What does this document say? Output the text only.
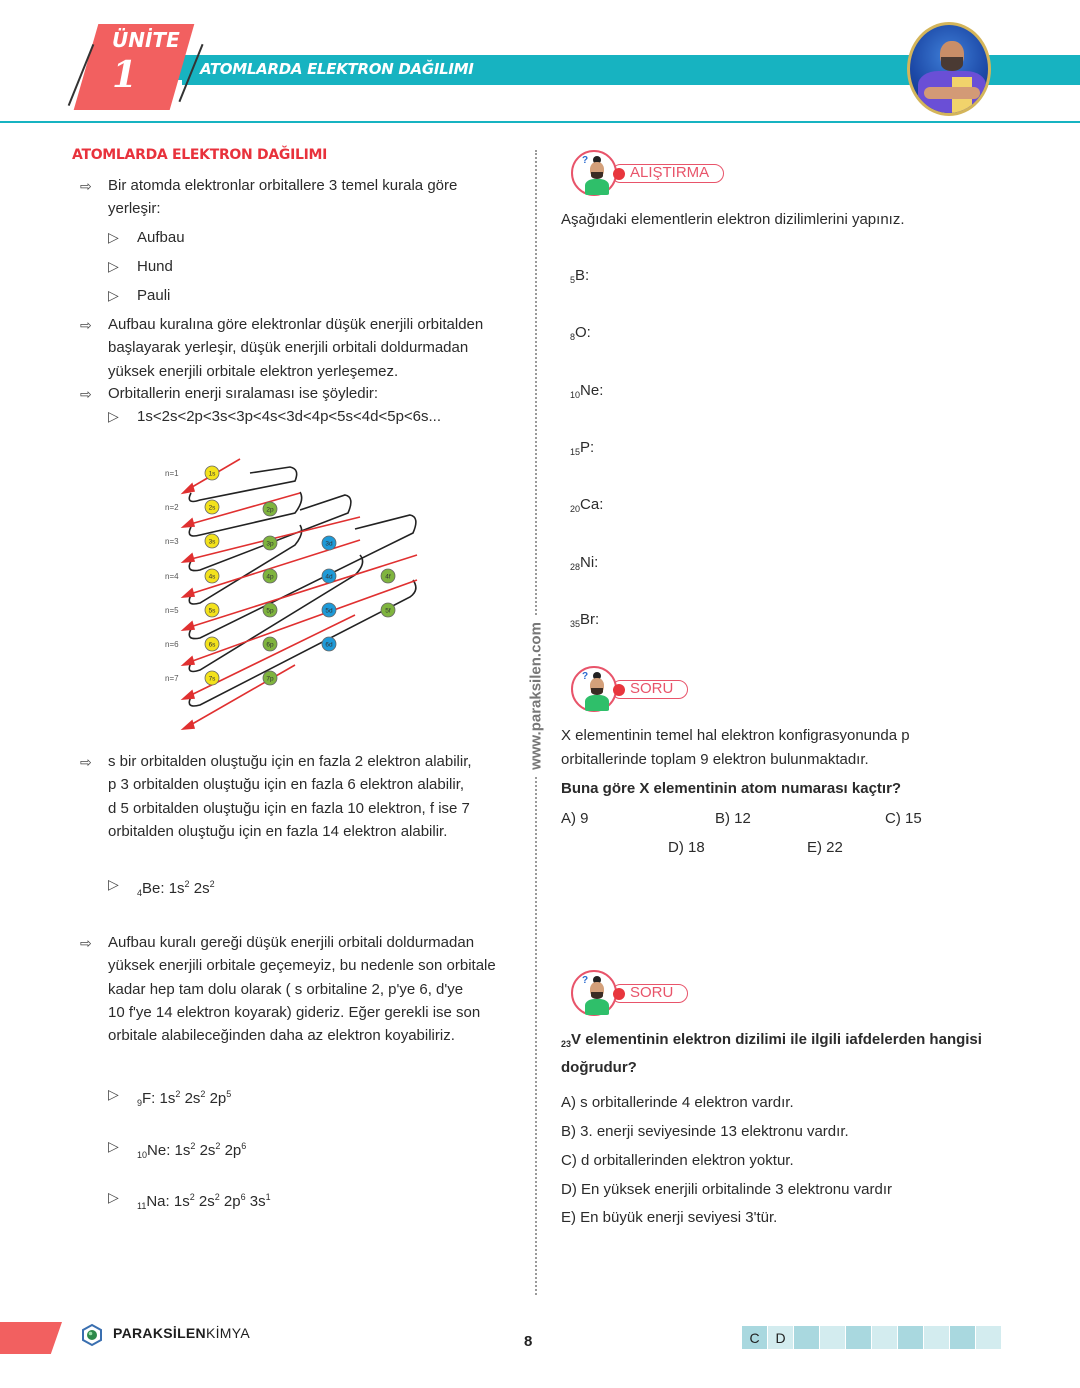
ÜNİTE
1	ATOMLARDA ELEKTRON DAĞILIMI
ATOMLARDA ELEKTRON DAĞILIMI
⇨ Bir atomda elektronlar orbitallere 3 temel kurala göre
yerleşir:
▷ Aufbau
▷ Hund
▷ Pauli
⇨ Aufbau kuralına göre elektronlar düşük enerjili orbitalden
başlayarak yerleşir, düşük enerjili orbitali doldurmadan
yüksek enerjili orbitale elektron yerleşemez.
⇨ Orbitallerin enerji sıralaması ise şöyledir:
▷ 1s<2s<2p<3s<3p<4s<3d<4p<5s<4d<5p<6s...
n=1
n=2
n=3
n=4
n=5
n=6
n=7
1s
2s	2p
3s	3p	3d
4s	4p	4d	4f
5s	5p	5d	5f
6s	6p	6d
7s	7p
⇨ s bir orbitalden oluştuğu için en fazla 2 elektron alabilir,
p 3 orbitalden oluştuğu için en fazla 6 elektron alabilir,
d 5 orbitalden oluştuğu için en fazla 10 elektron, f ise 7
orbitalden oluştuğu için en fazla 14 elektron alabilir.
▷
$_4$Be: $1s^2$ $2s^2$
⇨ Aufbau kuralı gereği düşük enerjili orbitali doldurmadan
yüksek enerjili orbitale geçemeyiz, bu nedenle son orbitale
kadar hep tam dolu olarak ( s orbitaline 2, p'ye 6, d'ye
10 f'ye 14 elektron koyarak) gideriz. Eğer gerekli ise son
orbitale alabileceğinden daha az elektron koyabiliriz.
▷
$_9$F: $1s^2$ $2s^2$ $2p^5$
▷
$_{10}$Ne: $1s^2$ $2s^2$ $2p^6$
▷
$_{11}$Na: $1s^2$ $2s^2$ $2p^6$ $3s^1$
www.paraksilen.com
ALIŞTIRMA
?
Aşağıdaki elementlerin elektron dizilimlerini yapınız.
$_5$B:
$_8$O:
$_{10}$Ne:
$_{15}$P:
$_{20}$Ca:
$_{28}$Ni:
$_{35}$Br:
SORU
?
X elementinin temel hal elektron konfigrasyonunda p
orbitallerinde toplam 9 elektron bulunmaktadır.
Buna göre X elementinin atom numarası kaçtır?
A) 9	B) 12	C) 15
D) 18	E) 22
SORU
?
$_{23}$V elementinin elektron dizilimi ile ilgili iafdelerden hangisi
doğrudur?
A) s orbitallerinde 4 elektron vardır.
B) 3. enerji seviyesinde 13 elektronu vardır.
C) d orbitallerinden elektron yoktur.
D) En yüksek enerjili orbitalinde 3 elektronu vardır
E) En büyük enerji seviyesi 3'tür.
PARAKSİLENKİMYA	8	C	D
